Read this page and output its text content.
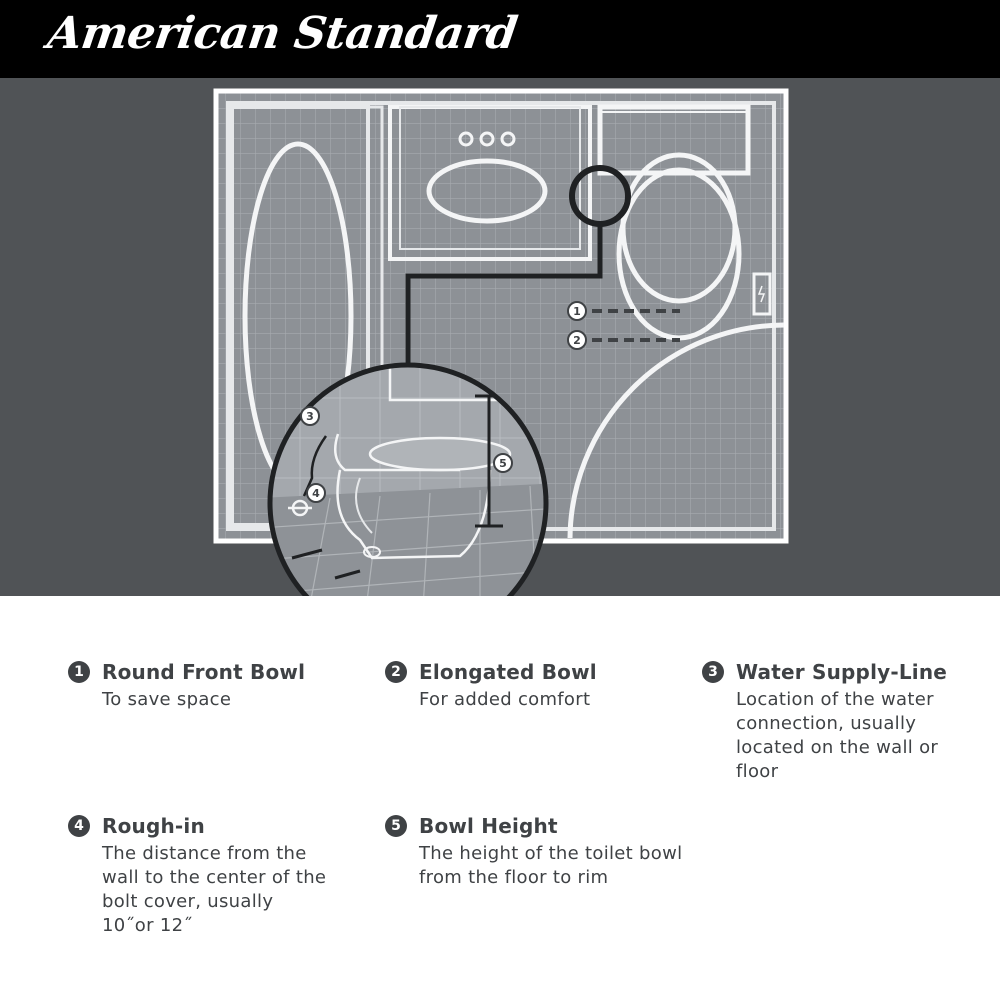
American Standard
1
2
3
4
5
1 Round Front Bowl
To save space
2 Elongated Bowl
For added comfort
3 Water Supply-Line
Location of the water connection, usually located on the wall or floor
4 Rough-in
The distance from the wall to the center of the bolt cover, usually 10˝or 12˝
5 Bowl Height
The height of the toilet bowl from the floor to rim
